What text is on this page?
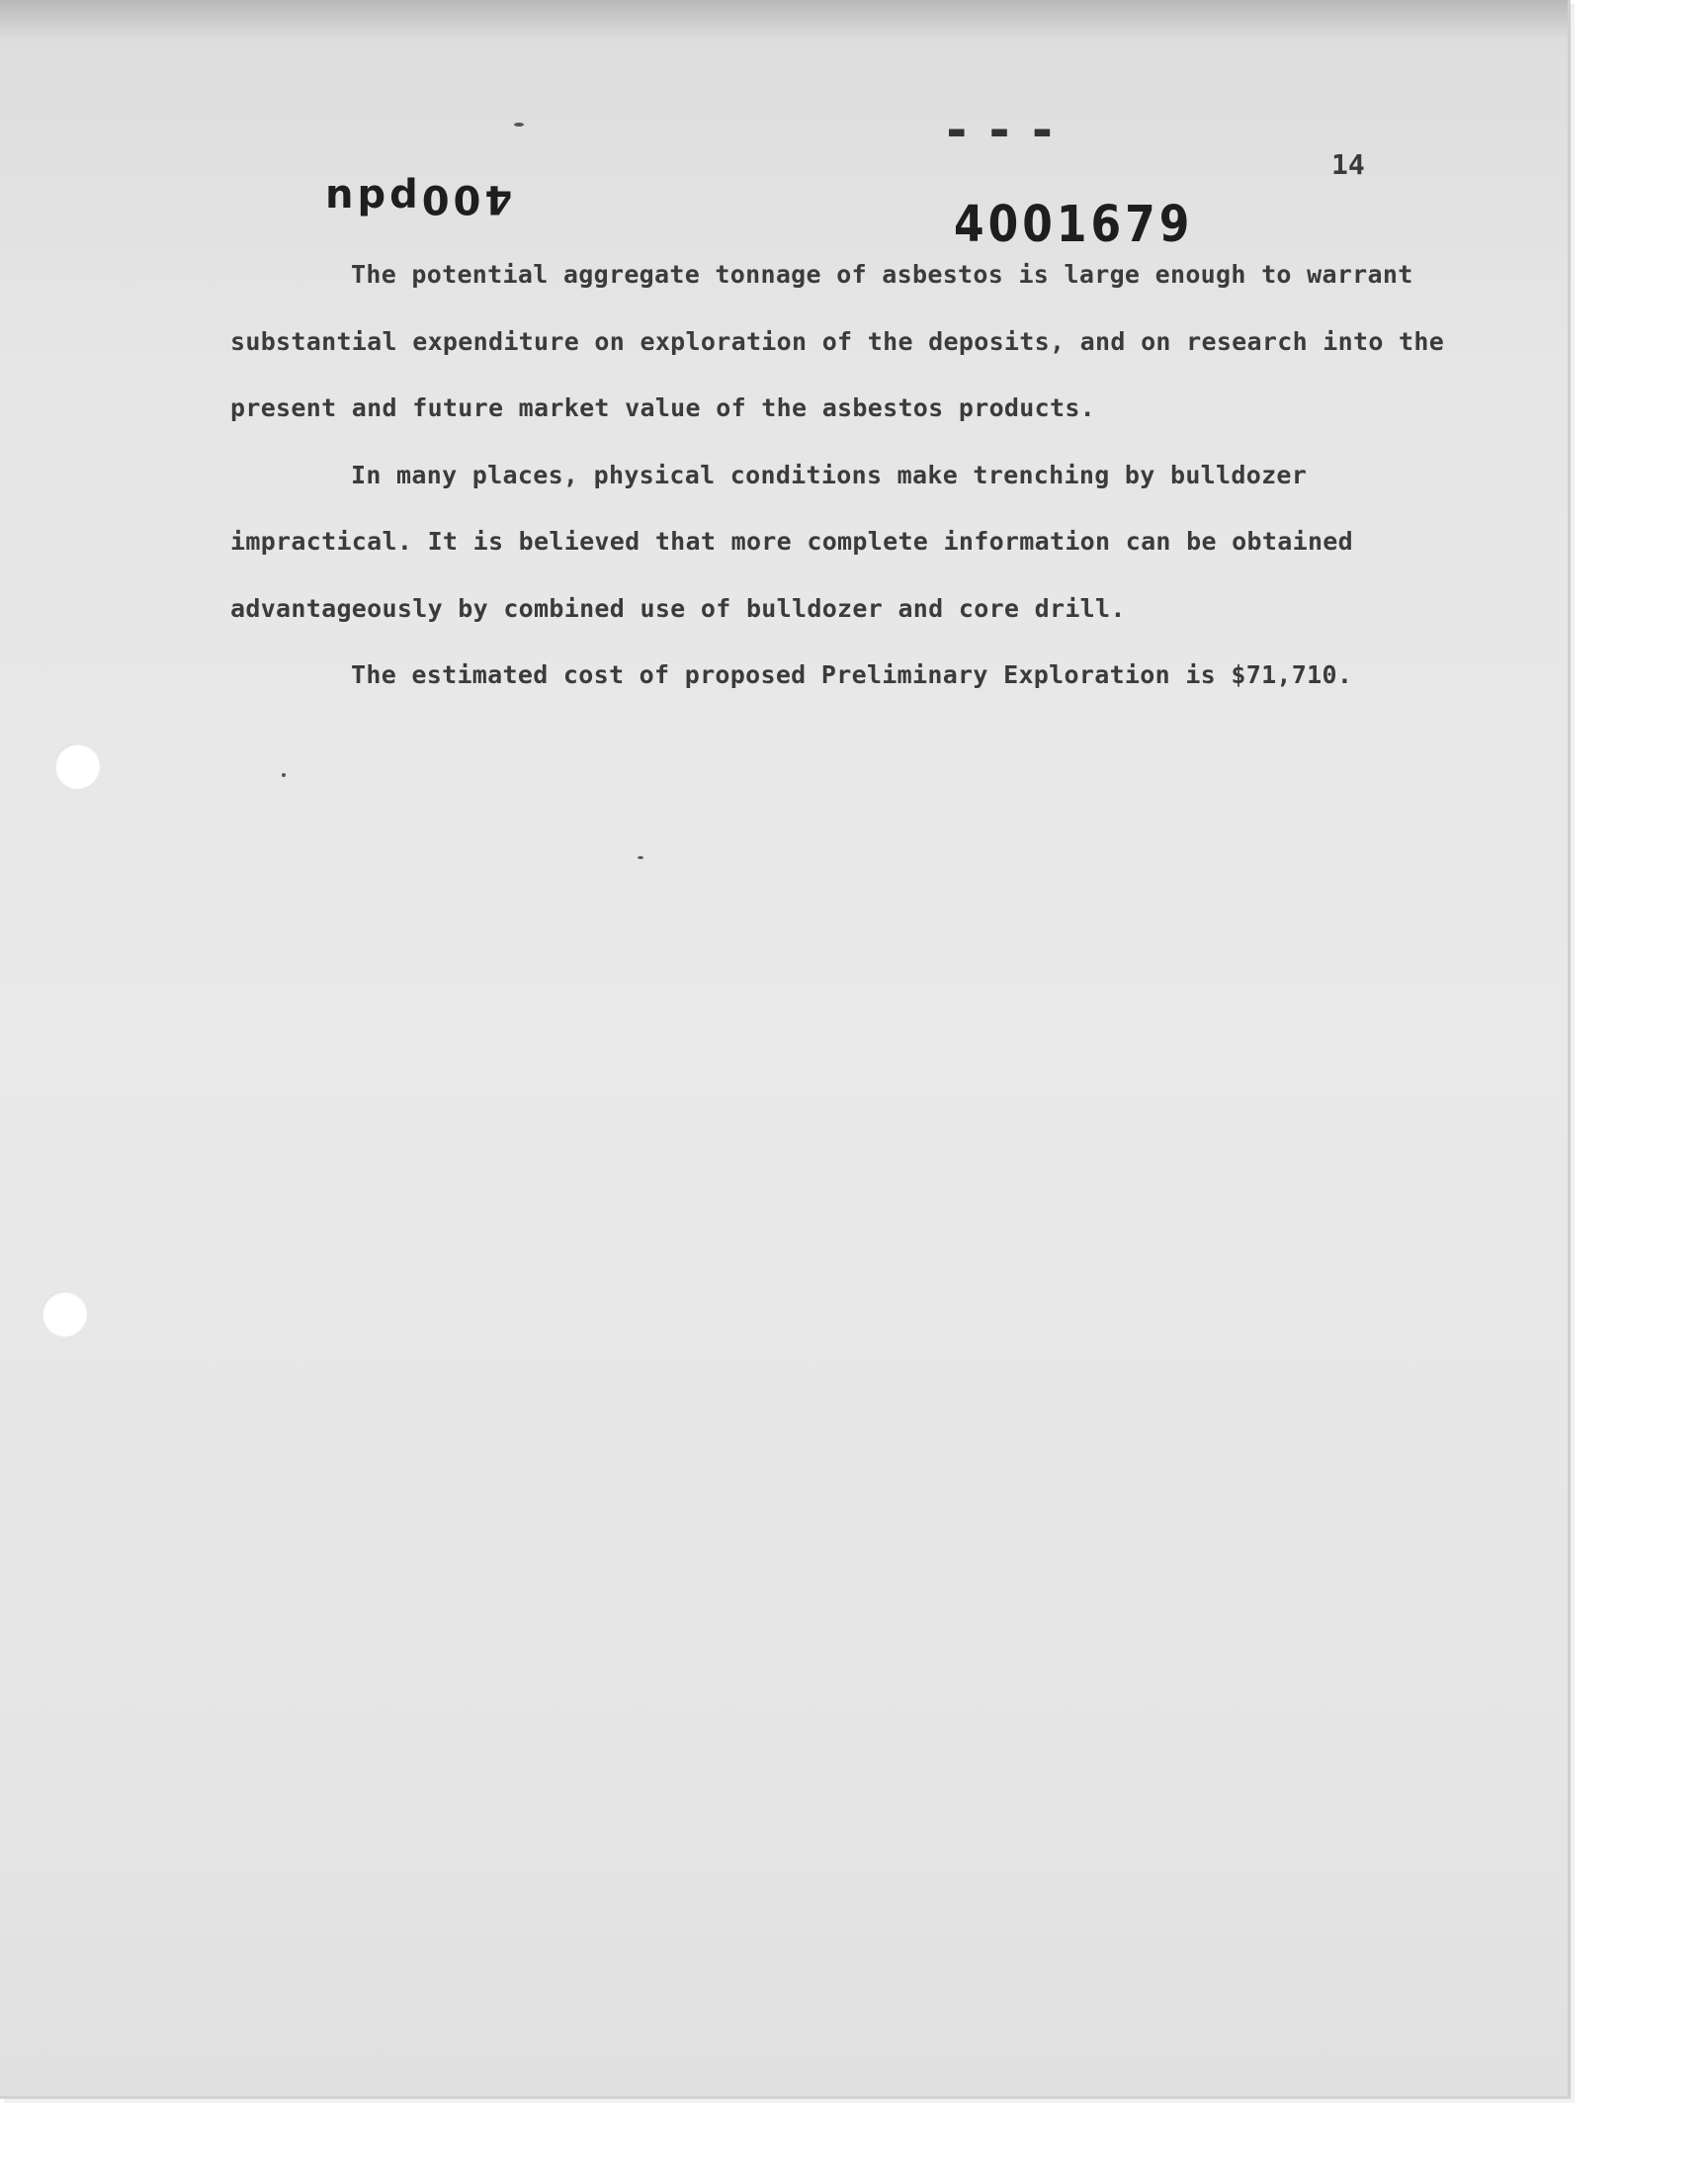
▬ ▬ ▬
14
400pdu	4001679

The potential aggregate tonnage of asbestos is large enough to warrant substantial expenditure on exploration of the deposits, and on research into the present and future market value of the asbestos products.

In many places, physical conditions make trenching by bulldozer impractical. It is believed that more complete information can be obtained advantageously by combined use of bulldozer and core drill.

The estimated cost of proposed Preliminary Exploration is $71,710.
